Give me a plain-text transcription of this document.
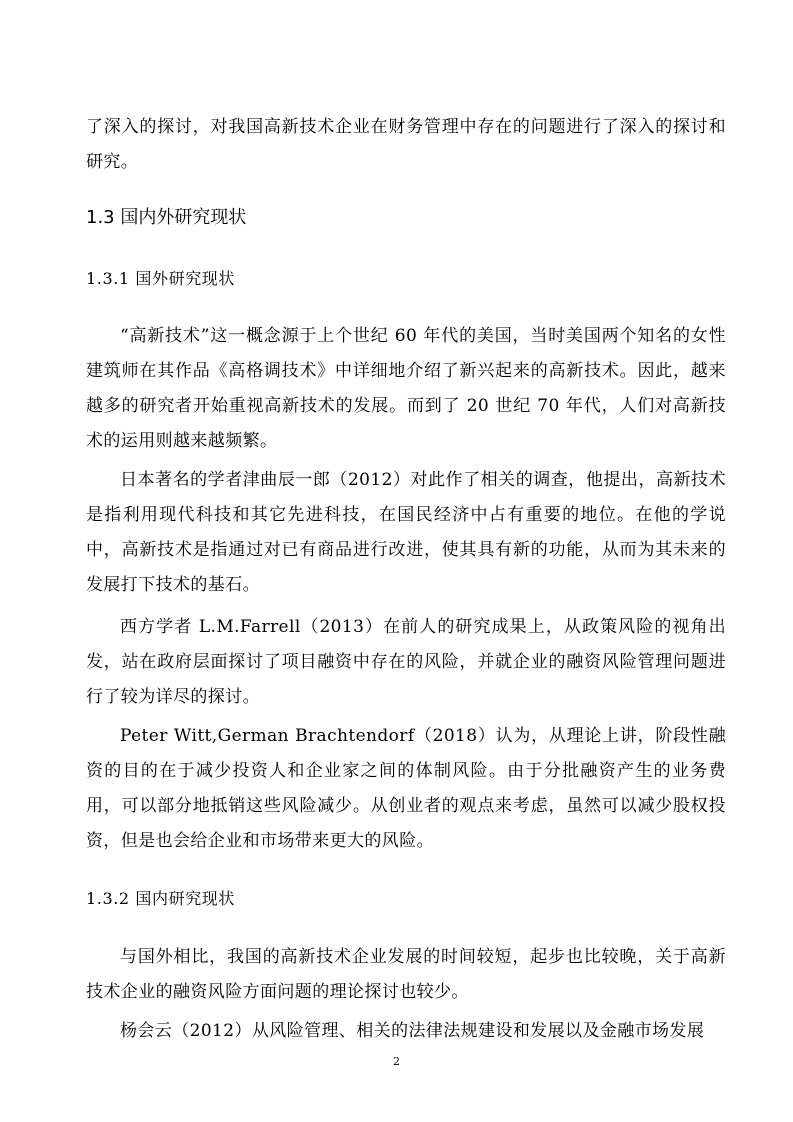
了深入的探讨，对我国高新技术企业在财务管理中存在的问题进行了深入的探讨和研究。
1.3 国内外研究现状
1.3.1 国外研究现状
“高新技术”这一概念源于上个世纪 60 年代的美国，当时美国两个知名的女性建筑师在其作品《高格调技术》中详细地介绍了新兴起来的高新技术。因此，越来越多的研究者开始重视高新技术的发展。而到了 20 世纪 70 年代，人们对高新技术的运用则越来越频繁。
日本著名的学者津曲辰一郎（2012）对此作了相关的调查，他提出，高新技术是指利用现代科技和其它先进科技，在国民经济中占有重要的地位。在他的学说中，高新技术是指通过对已有商品进行改进，使其具有新的功能，从而为其未来的发展打下技术的基石。
西方学者 L.M.Farrell（2013）在前人的研究成果上，从政策风险的视角出发，站在政府层面探讨了项目融资中存在的风险，并就企业的融资风险管理问题进行了较为详尽的探讨。
Peter Witt,German Brachtendorf（2018）认为，从理论上讲，阶段性融资的目的在于减少投资人和企业家之间的体制风险。由于分批融资产生的业务费用，可以部分地抵销这些风险减少。从创业者的观点来考虑，虽然可以减少股权投资，但是也会给企业和市场带来更大的风险。
1.3.2 国内研究现状
与国外相比，我国的高新技术企业发展的时间较短，起步也比较晚，关于高新技术企业的融资风险方面问题的理论探讨也较少。
杨会云（2012）从风险管理、相关的法律法规建设和发展以及金融市场发展
2
